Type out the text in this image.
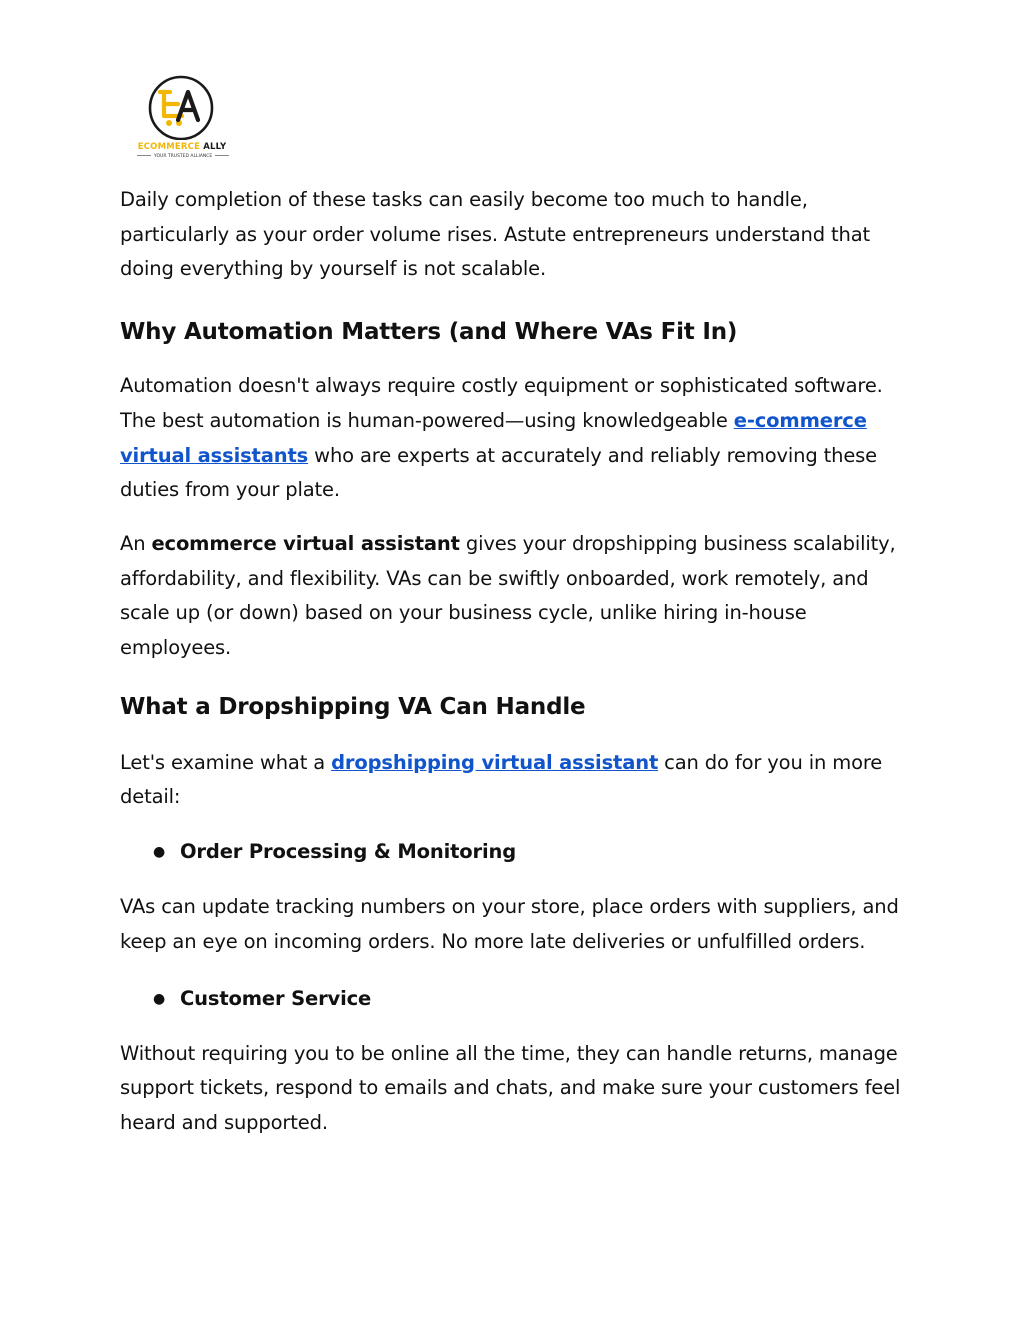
ECOMMERCE ALLY
YOUR TRUSTED ALLIANCE

Daily completion of these tasks can easily become too much to handle, particularly as your order volume rises. Astute entrepreneurs understand that doing everything by yourself is not scalable.

Why Automation Matters (and Where VAs Fit In)

Automation doesn't always require costly equipment or sophisticated software. The best automation is human-powered—using knowledgeable e-commerce virtual assistants who are experts at accurately and reliably removing these duties from your plate.

An ecommerce virtual assistant gives your dropshipping business scalability, affordability, and flexibility. VAs can be swiftly onboarded, work remotely, and scale up (or down) based on your business cycle, unlike hiring in-house employees.

What a Dropshipping VA Can Handle

Let's examine what a dropshipping virtual assistant can do for you in more detail:

● Order Processing & Monitoring

VAs can update tracking numbers on your store, place orders with suppliers, and keep an eye on incoming orders. No more late deliveries or unfulfilled orders.

● Customer Service

Without requiring you to be online all the time, they can handle returns, manage support tickets, respond to emails and chats, and make sure your customers feel heard and supported.
